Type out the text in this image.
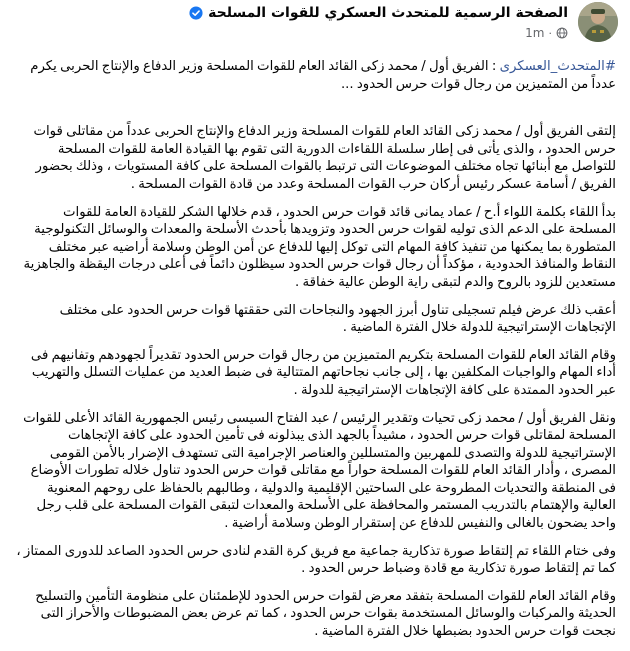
الصفحة الرسمية للمتحدث العسكري للقوات المسلحة
1m ·

#المتحدث_العسكرى : الفريق أول / محمد زكى القائد العام للقوات المسلحة وزير الدفاع والإنتاج الحربى يكرم عدداً من المتميزين من رجال قوات حرس الحدود ...

إلتقى الفريق أول / محمد زكى القائد العام للقوات المسلحة وزير الدفاع والإنتاج الحربى عدداً من مقاتلى قوات حرس الحدود ، والذى يأتى فى إطار سلسلة اللقاءات الدورية التى تقوم بها القيادة العامة للقوات المسلحة للتواصل مع أبنائها تجاه مختلف الموضوعات التى ترتبط بالقوات المسلحة على كافة المستويات ، وذلك بحضور الفريق / أسامة عسكر رئيس أركان حرب القوات المسلحة وعدد من قادة القوات المسلحة .

بدأ اللقاء بكلمة اللواء أ.ح / عماد يمانى قائد قوات حرس الحدود ، قدم خلالها الشكر للقيادة العامة للقوات المسلحة على الدعم الذى توليه لقوات حرس الحدود وتزويدها بأحدث الأسلحة والمعدات والوسائل التكنولوجية المتطورة بما يمكنها من تنفيذ كافة المهام التى توكل إليها للدفاع عن أمن الوطن وسلامة أراضيه عبر مختلف النقاط والمنافذ الحدودية ، مؤكداً أن رجال قوات حرس الحدود سيظلون دائماً فى أعلى درجات اليقظة والجاهزية مستعدين للزود بالروح والدم لتبقى راية الوطن عالية خفاقة .

أعقب ذلك عرض فيلم تسجيلى تناول أبرز الجهود والنجاحات التى حققتها قوات حرس الحدود على مختلف الإتجاهات الإستراتيجية للدولة خلال الفترة الماضية .

وقام القائد العام للقوات المسلحة بتكريم المتميزين من رجال قوات حرس الحدود تقديراً لجهودهم وتفانيهم فى أداء المهام والواجبات المكلفين بها ، إلى جانب نجاحاتهم المتتالية فى ضبط العديد من عمليات التسلل والتهريب عبر الحدود الممتدة على كافة الإتجاهات الإستراتيجية للدولة .

ونقل الفريق أول / محمد زكى تحيات وتقدير الرئيس / عبد الفتاح السيسى رئيس الجمهورية القائد الأعلى للقوات المسلحة لمقاتلى قوات حرس الحدود ، مشيداً بالجهد الذى يبذلونه فى تأمين الحدود على كافة الإتجاهات الإستراتيجية للدولة والتصدى للمهربين والمتسللين والعناصر الإجرامية التى تستهدف الإضرار بالأمن القومى المصرى ، وأدار القائد العام للقوات المسلحة حواراً مع مقاتلى قوات حرس الحدود تناول خلاله تطورات الأوضاع فى المنطقة والتحديات المطروحة على الساحتين الإقليمية والدولية ، وطالبهم بالحفاظ على روحهم المعنوية العالية والإهتمام بالتدريب المستمر والمحافظة على الأسلحة والمعدات لتبقى القوات المسلحة على قلب رجل واحد يضحون بالغالى والنفيس للدفاع عن إستقرار الوطن وسلامة أراضية .

وفى ختام اللقاء تم إلتقاط صورة تذكارية جماعية مع فريق كرة القدم لنادى حرس الحدود الصاعد للدورى الممتاز ، كما تم إلتقاط صورة تذكارية مع قادة وضباط حرس الحدود .

وقام القائد العام للقوات المسلحة بتفقد معرض لقوات حرس الحدود للإطمئنان على منظومة التأمين والتسليح الحديثة والمركبات والوسائل المستخدمة بقوات حرس الحدود ، كما تم عرض بعض المضبوطات والأحراز التى نجحت قوات حرس الحدود بضبطها خلال الفترة الماضية .
